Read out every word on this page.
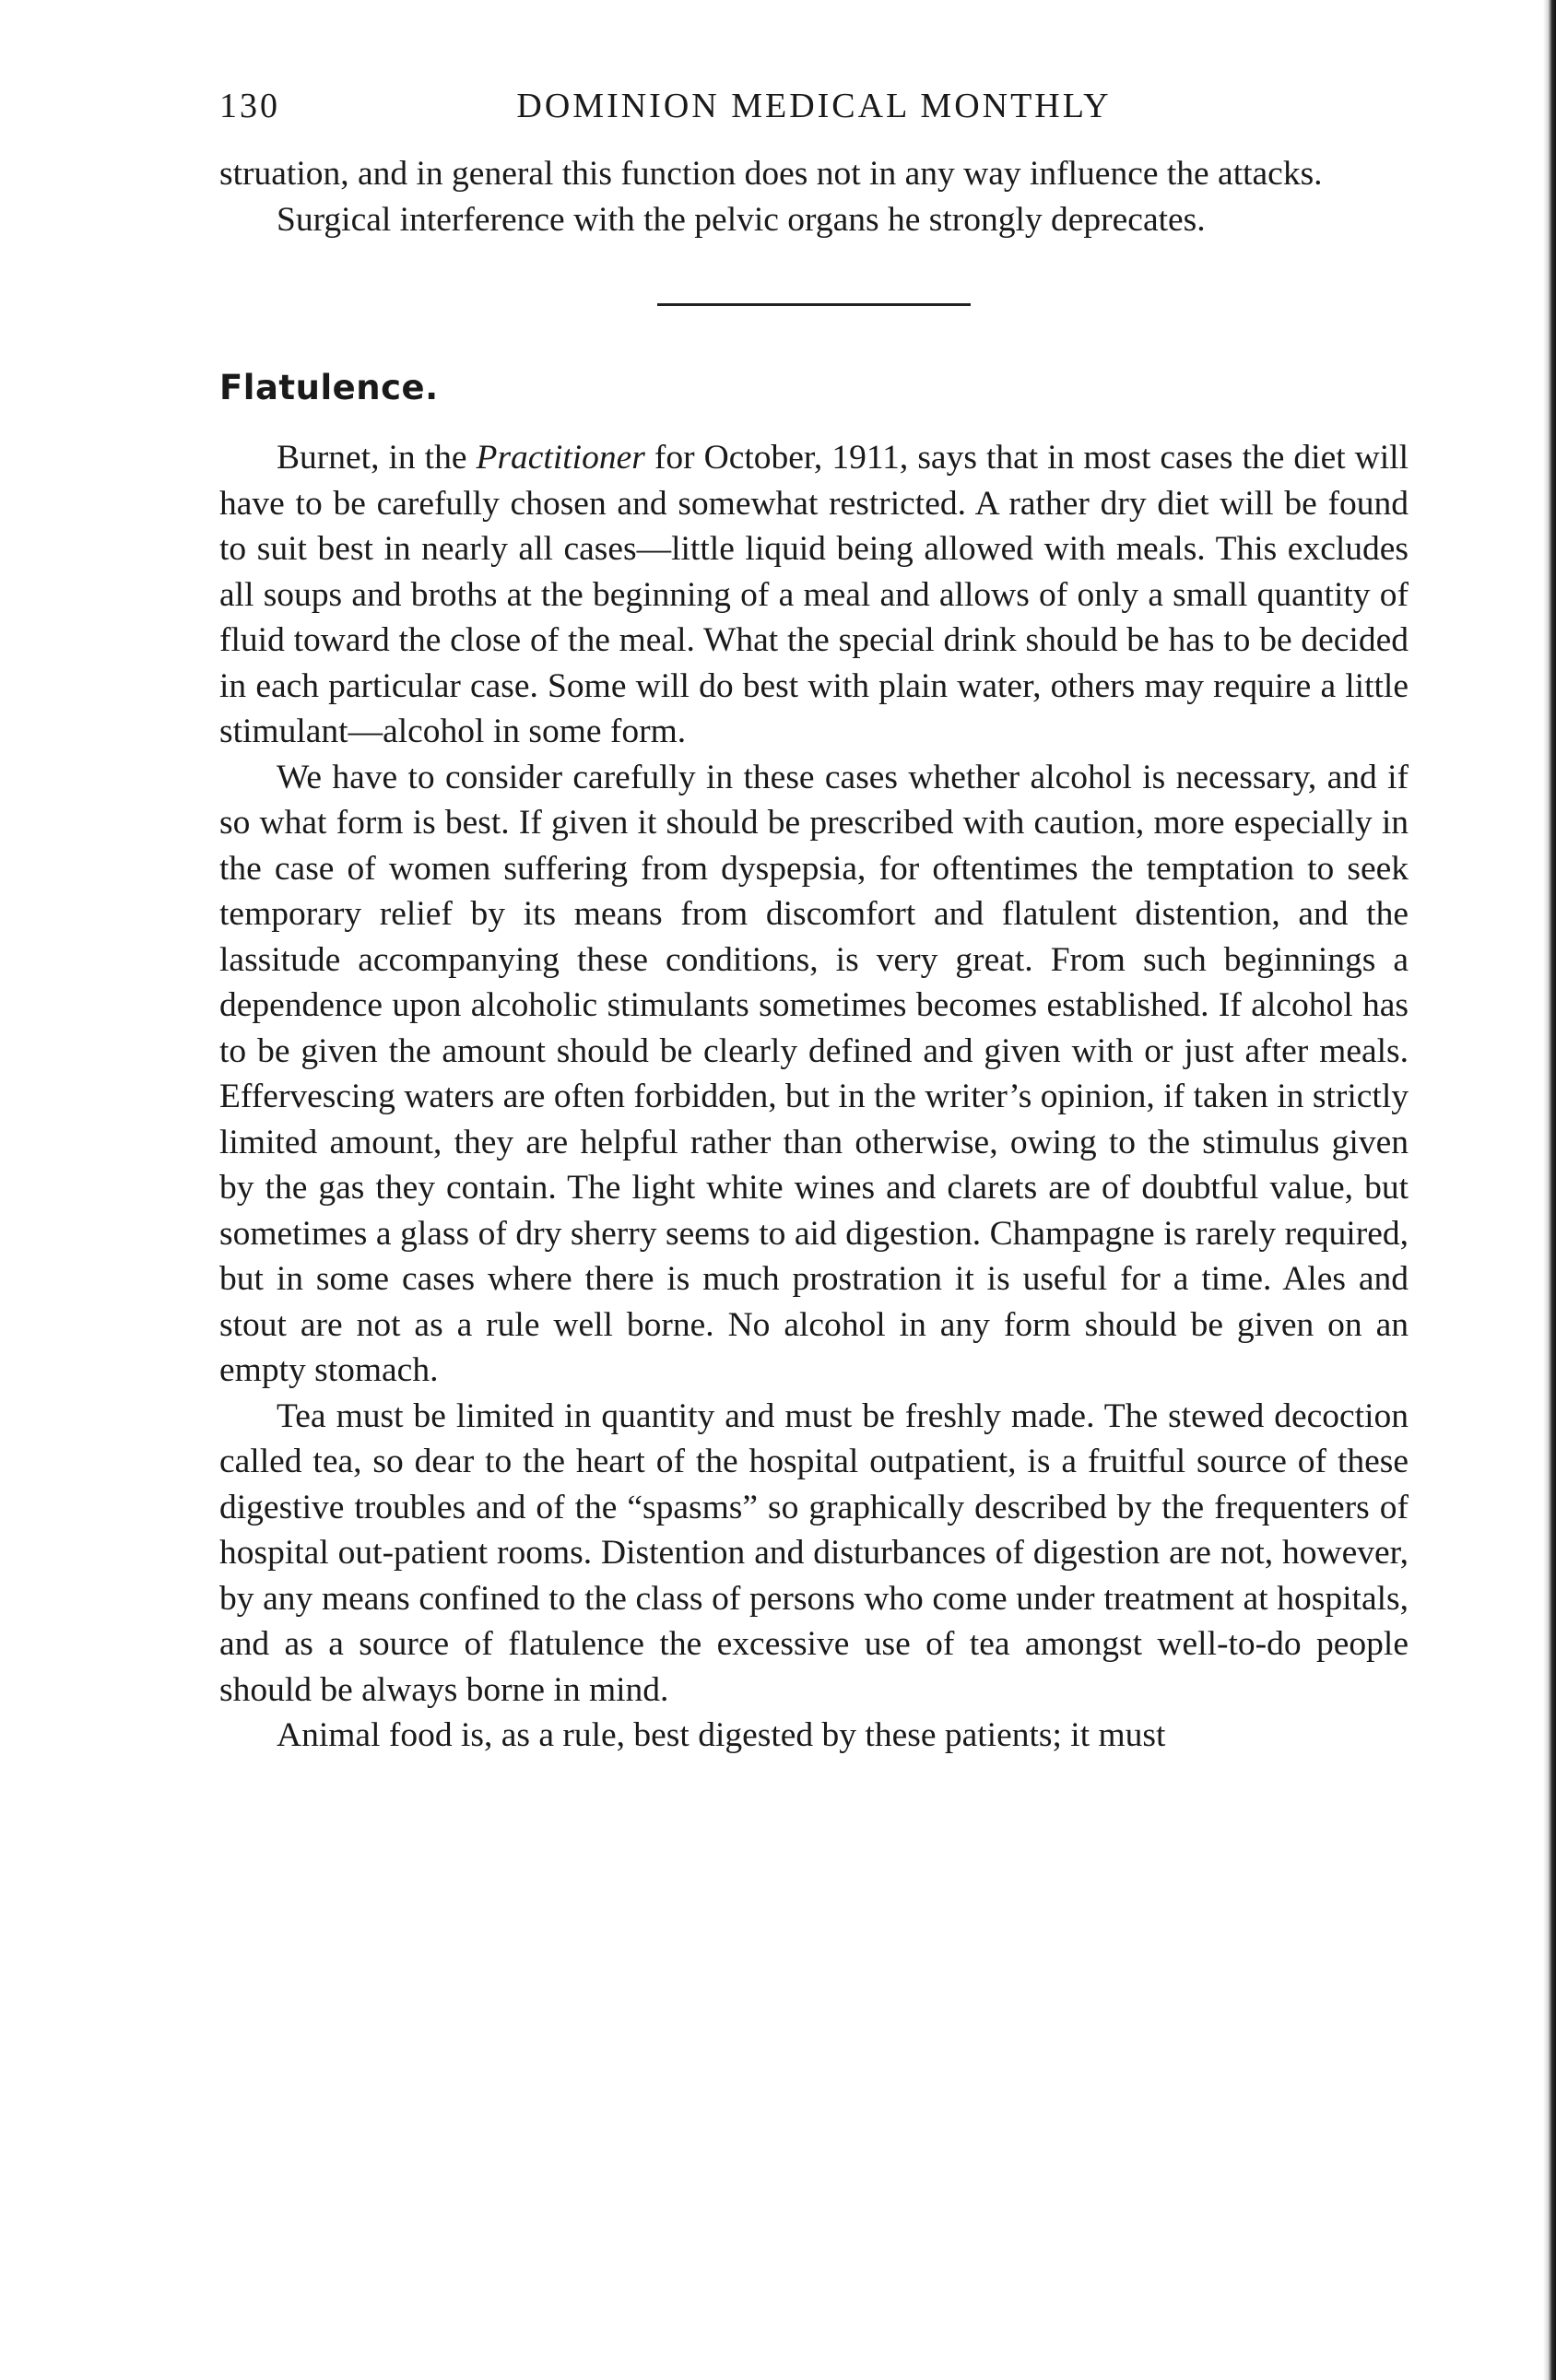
130	DOMINION MEDICAL MONTHLY

struation, and in general this function does not in any way influence the attacks.

Surgical interference with the pelvic organs he strongly deprecates.

Flatulence.

Burnet, in the Practitioner for October, 1911, says that in most cases the diet will have to be carefully chosen and somewhat restricted. A rather dry diet will be found to suit best in nearly all cases—little liquid being allowed with meals. This excludes all soups and broths at the beginning of a meal and allows of only a small quantity of fluid toward the close of the meal. What the special drink should be has to be decided in each particular case. Some will do best with plain water, others may require a little stimulant—alcohol in some form.

We have to consider carefully in these cases whether alcohol is necessary, and if so what form is best. If given it should be prescribed with caution, more especially in the case of women suffering from dyspepsia, for oftentimes the temptation to seek temporary relief by its means from discomfort and flatulent distention, and the lassitude accompanying these conditions, is very great. From such beginnings a dependence upon alcoholic stimulants sometimes becomes established. If alcohol has to be given the amount should be clearly defined and given with or just after meals. Effervescing waters are often forbidden, but in the writer’s opinion, if taken in strictly limited amount, they are helpful rather than otherwise, owing to the stimulus given by the gas they contain. The light white wines and clarets are of doubtful value, but sometimes a glass of dry sherry seems to aid digestion. Champagne is rarely required, but in some cases where there is much prostration it is useful for a time. Ales and stout are not as a rule well borne. No alcohol in any form should be given on an empty stomach.

Tea must be limited in quantity and must be freshly made. The stewed decoction called tea, so dear to the heart of the hospital outpatient, is a fruitful source of these digestive troubles and of the “spasms” so graphically described by the frequenters of hospital out-patient rooms. Distention and disturbances of digestion are not, however, by any means confined to the class of persons who come under treatment at hospitals, and as a source of flatulence the excessive use of tea amongst well-to-do people should be always borne in mind.

Animal food is, as a rule, best digested by these patients; it must
